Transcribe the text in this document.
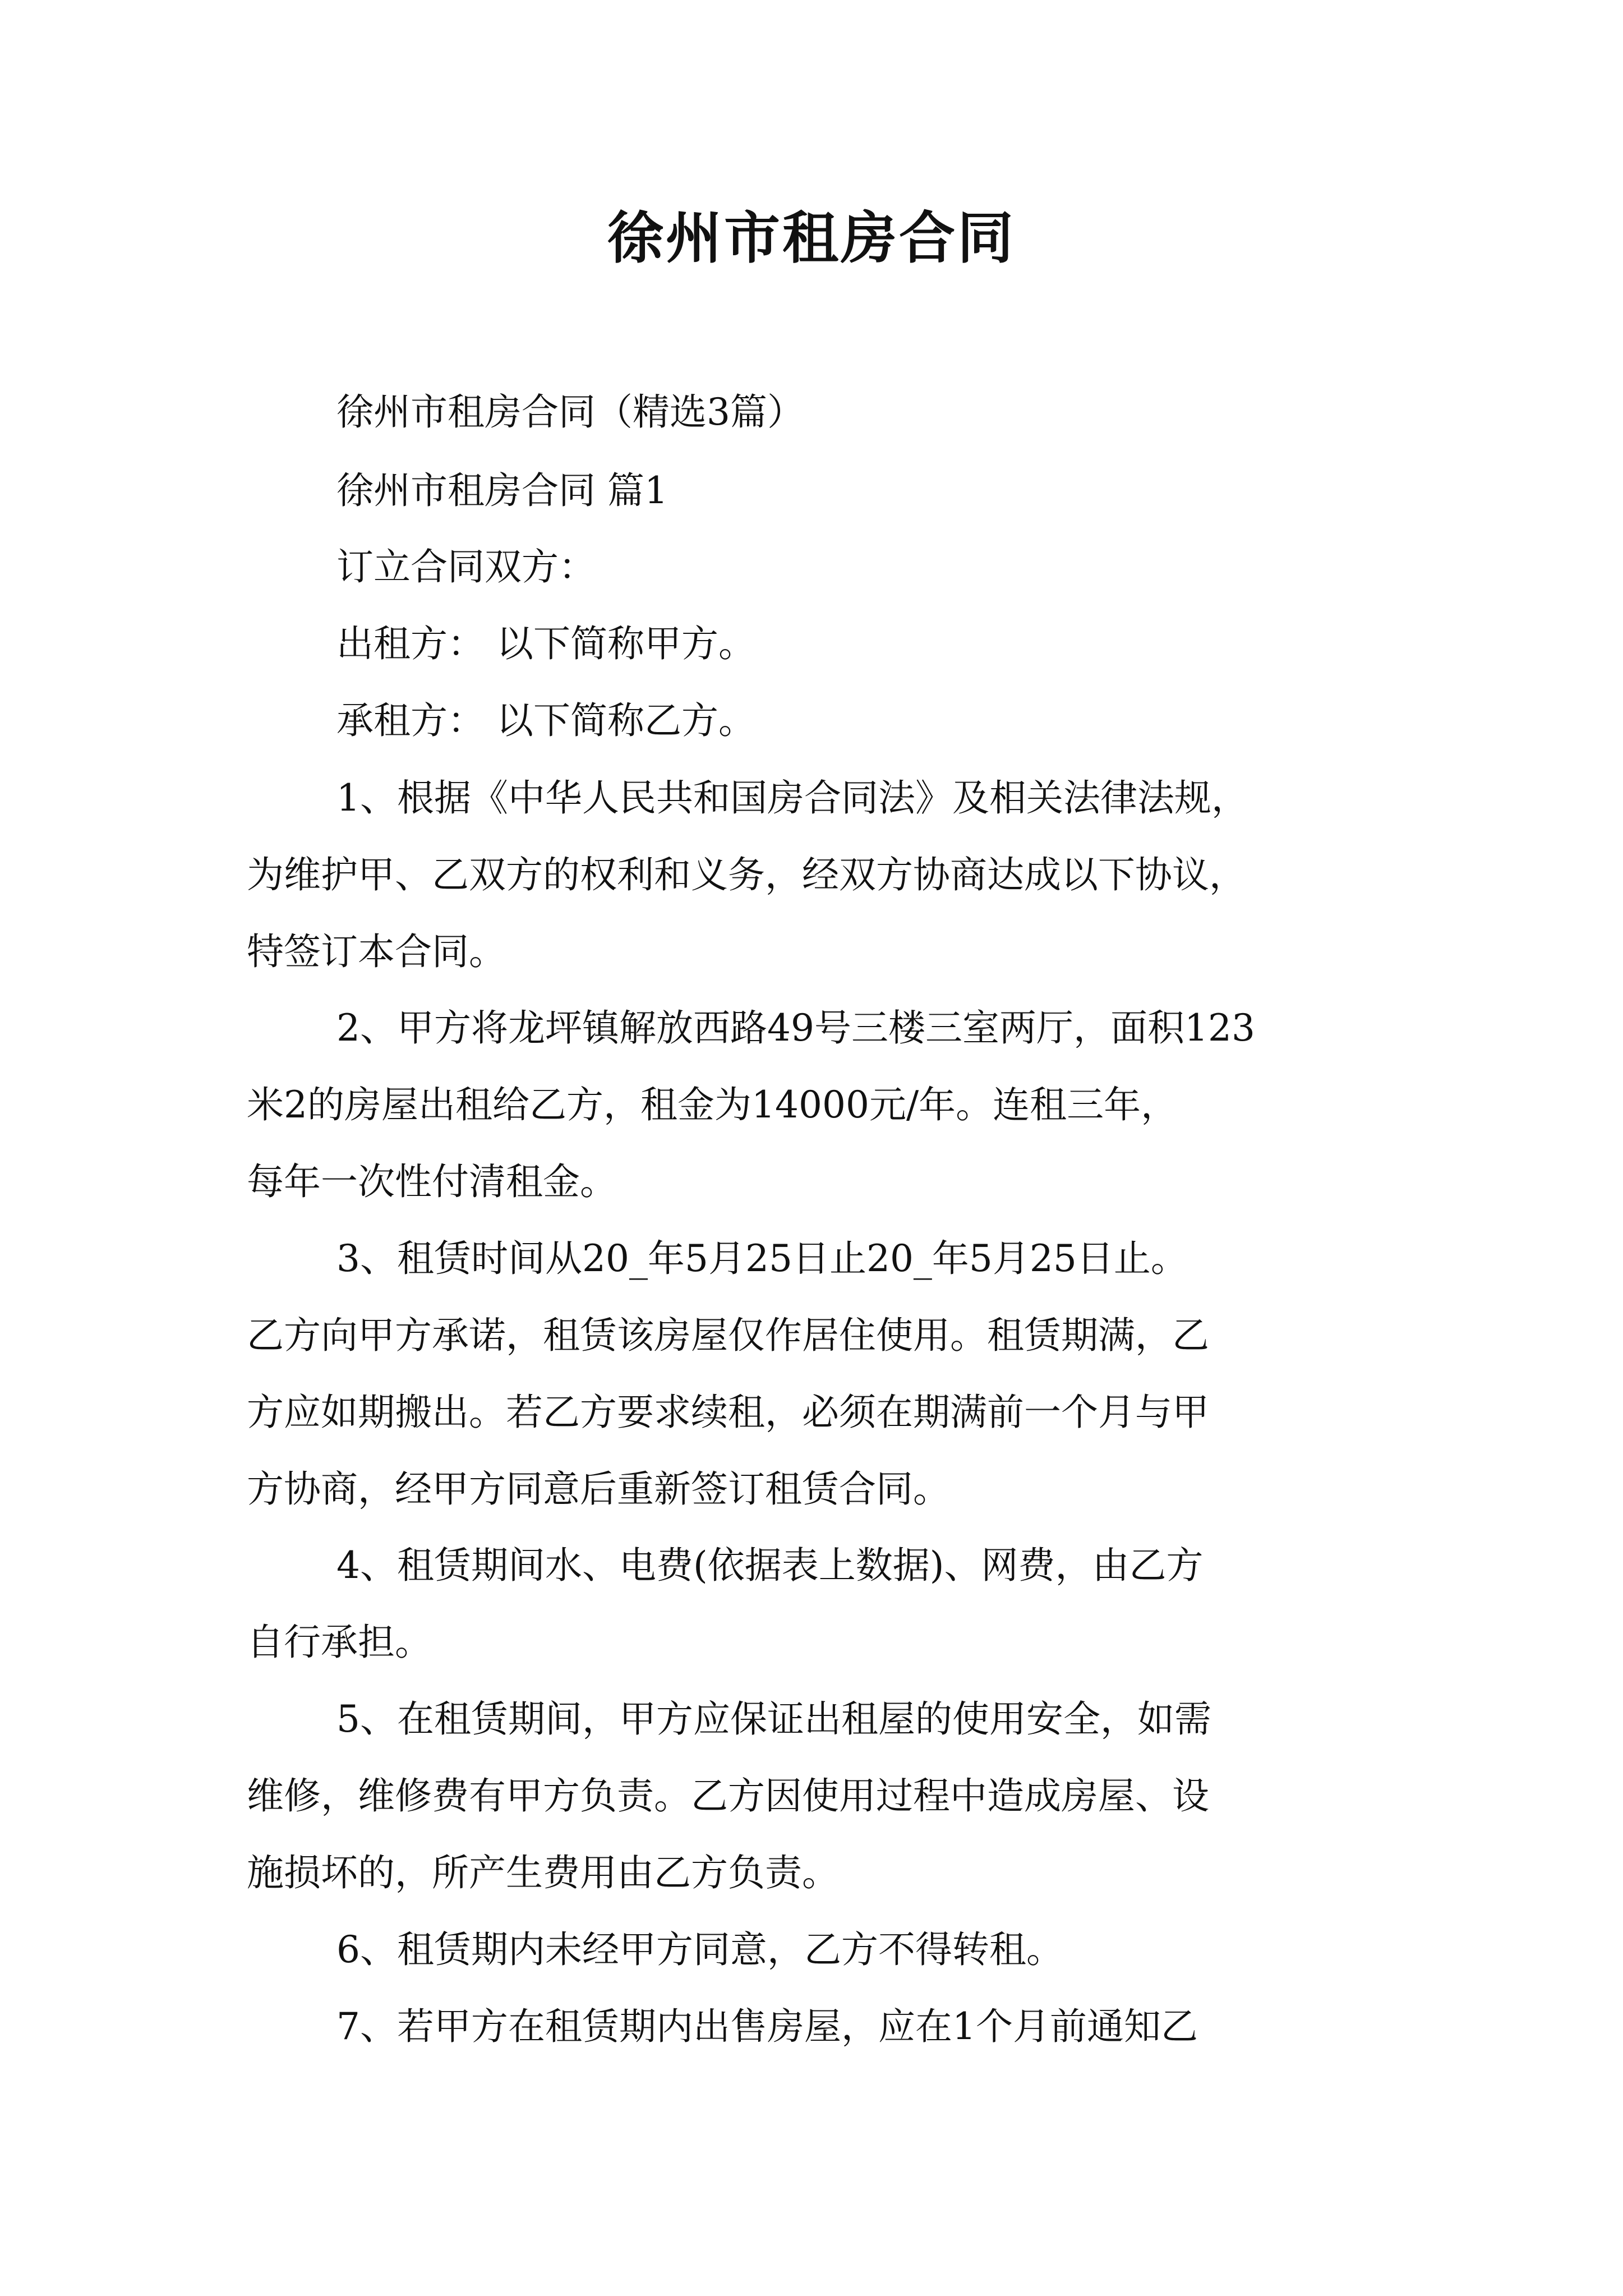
徐州市租房合同

徐州市租房合同（精选3篇）

徐州市租房合同 篇1

订立合同双方：

出租方： 以下简称甲方。

承租方： 以下简称乙方。

1、根据《中华人民共和国房合同法》及相关法律法规，

为维护甲、乙双方的权利和义务，经双方协商达成以下协议，

特签订本合同。

2、甲方将龙坪镇解放西路49号三楼三室两厅，面积123

米2的房屋出租给乙方，租金为14000元/年。连租三年，

每年一次性付清租金。

3、租赁时间从20_年5月25日止20_年5月25日止。

乙方向甲方承诺，租赁该房屋仅作居住使用。租赁期满，乙

方应如期搬出。若乙方要求续租，必须在期满前一个月与甲

方协商，经甲方同意后重新签订租赁合同。

4、租赁期间水、电费(依据表上数据)、网费，由乙方

自行承担。

5、在租赁期间，甲方应保证出租屋的使用安全，如需

维修，维修费有甲方负责。乙方因使用过程中造成房屋、设

施损坏的，所产生费用由乙方负责。

6、租赁期内未经甲方同意，乙方不得转租。

7、若甲方在租赁期内出售房屋，应在1个月前通知乙
